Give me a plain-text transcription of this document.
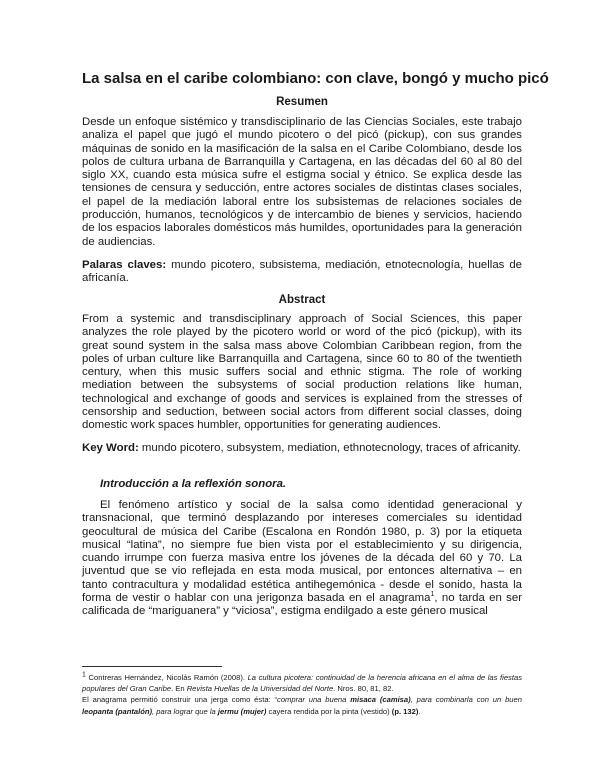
La salsa en el caribe colombiano: con clave, bongó y mucho picó
Resumen
Desde un enfoque sistémico y transdisciplinario de las Ciencias Sociales, este trabajo analiza el papel que jugó el mundo picotero o del picó (pickup), con sus grandes máquinas de sonido en la masificación de la salsa en el Caribe Colombiano, desde los polos de cultura urbana de Barranquilla y Cartagena, en las décadas del 60 al 80 del siglo XX, cuando esta música sufre el estigma social y étnico. Se explica desde las tensiones de censura y seducción, entre actores sociales de distintas clases sociales, el papel de la mediación laboral entre los subsistemas de relaciones sociales de producción, humanos, tecnológicos y de intercambio de bienes y servicios, haciendo de los espacios laborales domésticos más humildes, oportunidades para la generación de audiencias.
Palaras claves: mundo picotero, subsistema, mediación, etnotecnología, huellas de africanía.
Abstract
From a systemic and transdisciplinary approach of Social Sciences, this paper analyzes the role played by the picotero world or word of the picó (pickup), with its great sound system in the salsa mass above Colombian Caribbean region, from the poles of urban culture like Barranquilla and Cartagena, since 60 to 80 of the twentieth century, when this music suffers social and ethnic stigma. The role of working mediation between the subsystems of social production relations like human, technological and exchange of goods and services is explained from the stresses of censorship and seduction, between social actors from different social classes, doing domestic work spaces humbler, opportunities for generating audiences.
Key Word: mundo picotero, subsystem, mediation, ethnotecnology, traces of africanity.
Introducción a la reflexión sonora.
El fenómeno artístico y social de la salsa como identidad generacional y transnacional, que terminó desplazando por intereses comerciales su identidad geocultural de música del Caribe (Escalona en Rondón 1980, p. 3) por la etiqueta musical “latina”, no siempre fue bien vista por el establecimiento y su dirigencia, cuando irrumpe con fuerza masiva entre los jóvenes de la década del 60 y 70. La juventud que se vio reflejada en esta moda musical, por entonces alternativa – en tanto contracultura y modalidad estética antihegemónica - desde el sonido, hasta la forma de vestir o hablar con una jerigonza basada en el anagrama$^1$, no tarda en ser calificada de “mariguanera” y “viciosa”, estigma endilgado a este género musical
$^1$ Contreras Hernández, Nicolás Ramón (2008). La cultura picotera: continuidad de la herencia africana en el alma de las fiestas populares del Gran Caribe. En Revista Huellas de la Universidad del Norte. Nros. 80, 81, 82.
El anagrama permitió construir una jerga como ésta: “comprar una buena misaca (camisa), para combinarla con un buen leopanta (pantalón), para lograr que la jermu (mujer) cayera rendida por la pinta (vestido) (p. 132).
